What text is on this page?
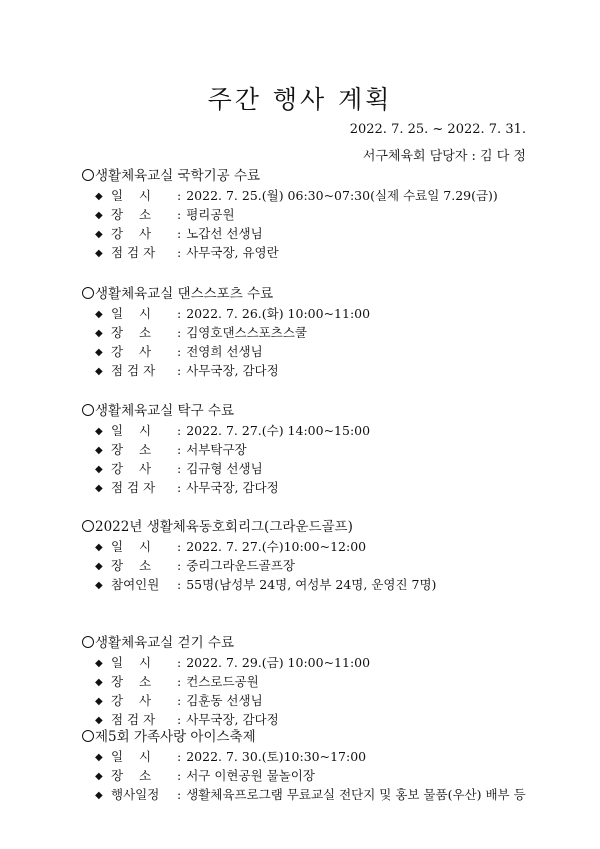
주간 행사 계획
2022. 7. 25. ~ 2022. 7. 31.
서구체육회 담당자 : 김 다 정
생활체육교실 국학기공 수료
◆ 일    시 : 2022. 7. 25.(월) 06:30~07:30(실제 수료일 7.29(금))
◆ 장    소 : 평리공원
◆ 강    사 : 노갑선 선생님
◆ 점 검 자 : 사무국장, 유영란
생활체육교실 댄스스포츠 수료
◆ 일    시 : 2022. 7. 26.(화) 10:00~11:00
◆ 장    소 : 김영호댄스스포츠스쿨
◆ 강    사 : 전영희 선생님
◆ 점 검 자 : 사무국장, 감다정
생활체육교실 탁구 수료
◆ 일    시 : 2022. 7. 27.(수) 14:00~15:00
◆ 장    소 : 서부탁구장
◆ 강    사 : 김규형 선생님
◆ 점 검 자 : 사무국장, 감다정
2022년 생활체육동호회리그(그라운드골프)
◆ 일    시 : 2022. 7. 27.(수)10:00~12:00
◆ 장    소 : 중리그라운드골프장
◆ 참여인원 : 55명(남성부 24명, 여성부 24명, 운영진 7명)
생활체육교실 걷기 수료
◆ 일    시 : 2022. 7. 29.(금) 10:00~11:00
◆ 장    소 : 컨스로드공원
◆ 강    사 : 김훈동 선생님
◆ 점 검 자 : 사무국장, 감다정
제5회 가족사랑 아이스축제
◆ 일    시 : 2022. 7. 30.(토)10:30~17:00
◆ 장    소 : 서구 이현공원 물놀이장
◆ 행사일정 : 생활체육프로그램 무료교실 전단지 및 홍보 물품(우산) 배부 등
